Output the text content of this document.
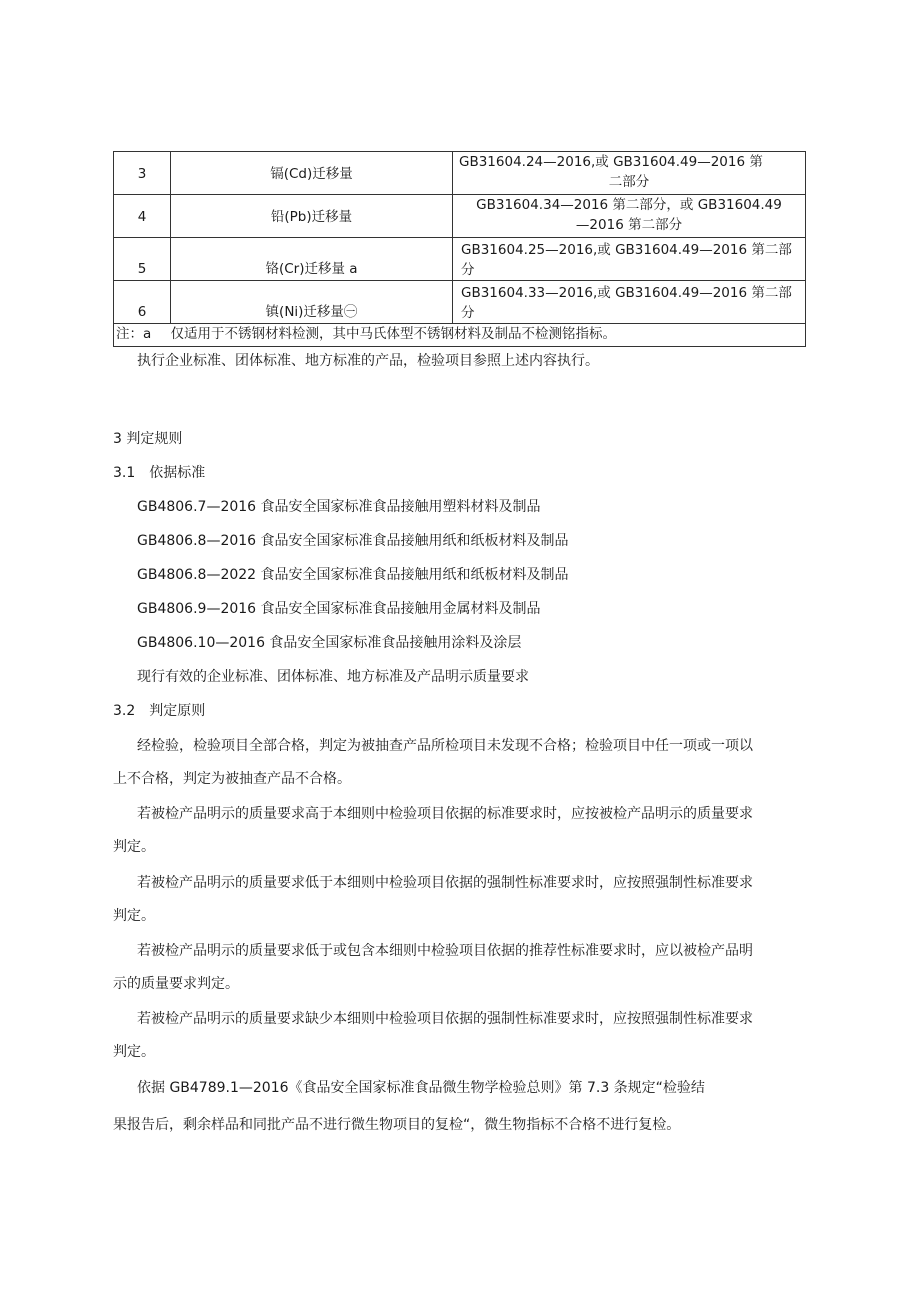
3	镉(Cd)迁移量	GB31604.24—2016,或 GB31604.49—2016 第
二部分

4	铅(Pb)迁移量	GB31604.34—2016 第二部分，或 GB31604.49
—2016 第二部分

5	铬(Cr)迁移量 a	GB31604.25—2016,或 GB31604.49—2016 第二部分
6	镇(Ni)迁移量㊀	GB31604.33—2016,或 GB31604.49—2016 第二部分
注：a	仅适用于不锈钢材料检测，其中马氏体型不锈钢材料及制品不检测铭指标。	
执行企业标准、团体标准、地方标准的产品，检验项目参照上述内容执行。
3 判定规则
3.1 依据标准
GB4806.7—2016 食品安全国家标准食品接触用塑料材料及制品
GB4806.8—2016 食品安全国家标准食品接触用纸和纸板材料及制品
GB4806.8—2022 食品安全国家标准食品接触用纸和纸板材料及制品
GB4806.9—2016 食品安全国家标准食品接触用金属材料及制品
GB4806.10—2016 食品安全国家标准食品接触用涂料及涂层
现行有效的企业标准、团体标准、地方标准及产品明示质量要求
3.2 判定原则
经检验，检验项目全部合格，判定为被抽查产品所检项目未发现不合格；检验项目中任一项或一项以
上不合格，判定为被抽查产品不合格。
若被检产品明示的质量要求高于本细则中检验项目依据的标准要求时，应按被检产品明示的质量要求
判定。
若被检产品明示的质量要求低于本细则中检验项目依据的强制性标准要求时，应按照强制性标准要求
判定。
若被检产品明示的质量要求低于或包含本细则中检验项目依据的推荐性标准要求时，应以被检产品明
示的质量要求判定。
若被检产品明示的质量要求缺少本细则中检验项目依据的强制性标准要求时，应按照强制性标准要求
判定。
依据 GB4789.1—2016《食品安全国家标准食品微生物学检验总则》第 7.3 条规定“检验结
果报告后，剩余样品和同批产品不进行微生物项目的复检“，微生物指标不合格不进行复检。
